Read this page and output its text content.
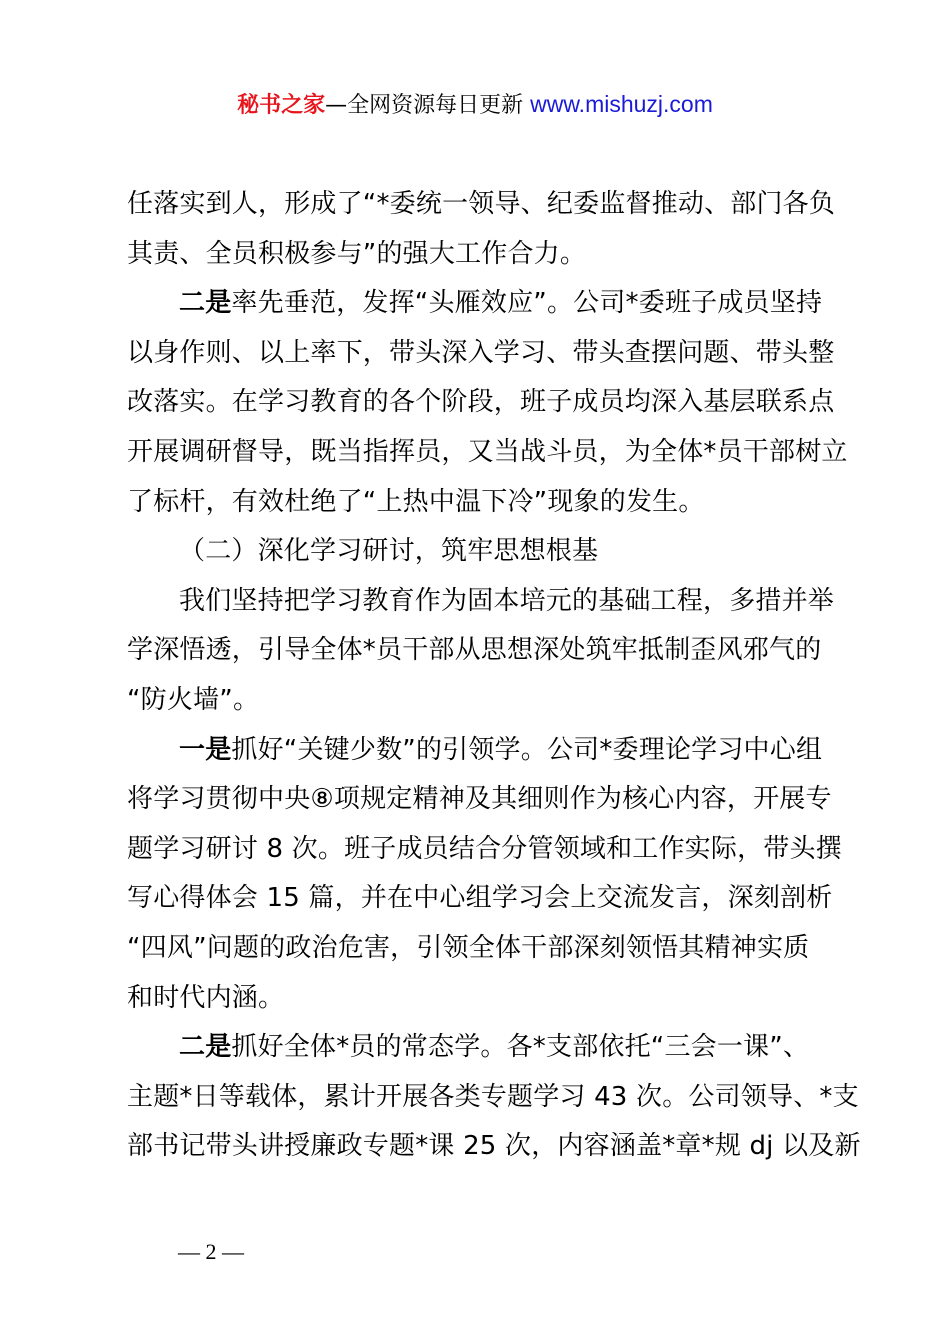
秘书之家—全网资源每日更新 www.mishuzj.com
任落实到人，形成了“*委统一领导、纪委监督推动、部门各负
其责、全员积极参与”的强大工作合力。
二是率先垂范，发挥“头雁效应”。公司*委班子成员坚持
以身作则、以上率下，带头深入学习、带头查摆问题、带头整
改落实。在学习教育的各个阶段，班子成员均深入基层联系点
开展调研督导，既当指挥员，又当战斗员，为全体*员干部树立
了标杆，有效杜绝了“上热中温下冷”现象的发生。
（二）深化学习研讨，筑牢思想根基
我们坚持把学习教育作为固本培元的基础工程，多措并举
学深悟透，引导全体*员干部从思想深处筑牢抵制歪风邪气的
“防火墙”。
一是抓好“关键少数”的引领学。公司*委理论学习中心组
将学习贯彻中央⑧项规定精神及其细则作为核心内容，开展专
题学习研讨 8 次。班子成员结合分管领域和工作实际，带头撰
写心得体会 15 篇，并在中心组学习会上交流发言，深刻剖析
“四风”问题的政治危害，引领全体干部深刻领悟其精神实质
和时代内涵。
二是抓好全体*员的常态学。各*支部依托“三会一课”、
主题*日等载体，累计开展各类专题学习 43 次。公司领导、*支
部书记带头讲授廉政专题*课 25 次，内容涵盖*章*规 dj 以及新
— 2 —
